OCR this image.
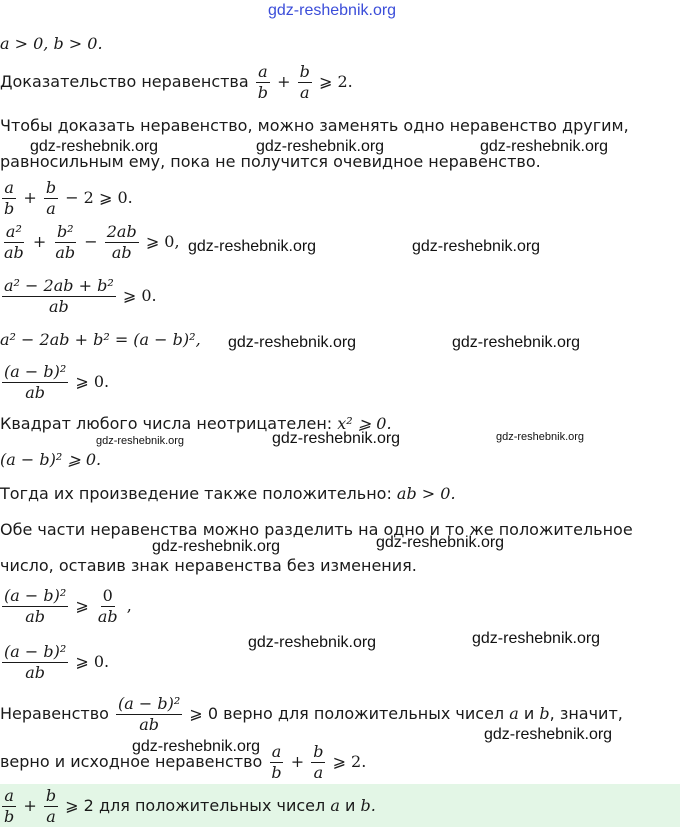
gdz-reshebnik.org
a > 0, b > 0.
Доказательство неравенства $\frac{a}{b} + \frac{b}{a}$ ⩾ 2.
Чтобы доказать неравенство, можно заменять одно неравенство другим,
равносильным ему, пока не получится очевидное неравенство.
$\frac{a}{b} + \frac{b}{a} - 2$ ⩾ 0.
$\frac{\text{a²}}{ab} + \frac{\text{b²}}{ab} - \frac{2ab}{ab}$ ⩾ 0,
$\frac{\text{a² − 2ab + b²}}{ab}$ ⩾ 0.
a² − 2ab + b² = (a − b)²,
$\frac{\text{(a − b)²}}{ab}$ ⩾ 0.
Квадрат любого числа неотрицателен: x² ⩾ 0.
(a − b)² ⩾ 0.
Тогда их произведение также положительно: ab > 0.
Обе части неравенства можно разделить на одно и то же положительное
число, оставив знак неравенства без изменения.
$\frac{\text{(a − b)²}}{ab}$ ⩾ $\frac{0}{ab}$ ,
$\frac{\text{(a − b)²}}{ab}$ ⩾ 0.
Неравенство $\frac{\text{(a − b)²}}{ab}$ ⩾ 0 верно для положительных чисел a и b, значит,
верно и исходное неравенство $\frac{a}{b} + \frac{b}{a}$ ⩾ 2.
$\frac{a}{b} + \frac{b}{a}$ ⩾ 2 для положительных чисел a и b.
gdz-reshebnik.org	gdz-reshebnik.org	gdz-reshebnik.org
gdz-reshebnik.org	gdz-reshebnik.org
gdz-reshebnik.org	gdz-reshebnik.org
gdz-reshebnik.org	gdz-reshebnik.org	gdz-reshebnik.org
gdz-reshebnik.org	gdz-reshebnik.org
gdz-reshebnik.org	gdz-reshebnik.org
gdz-reshebnik.org
gdz-reshebnik.org
